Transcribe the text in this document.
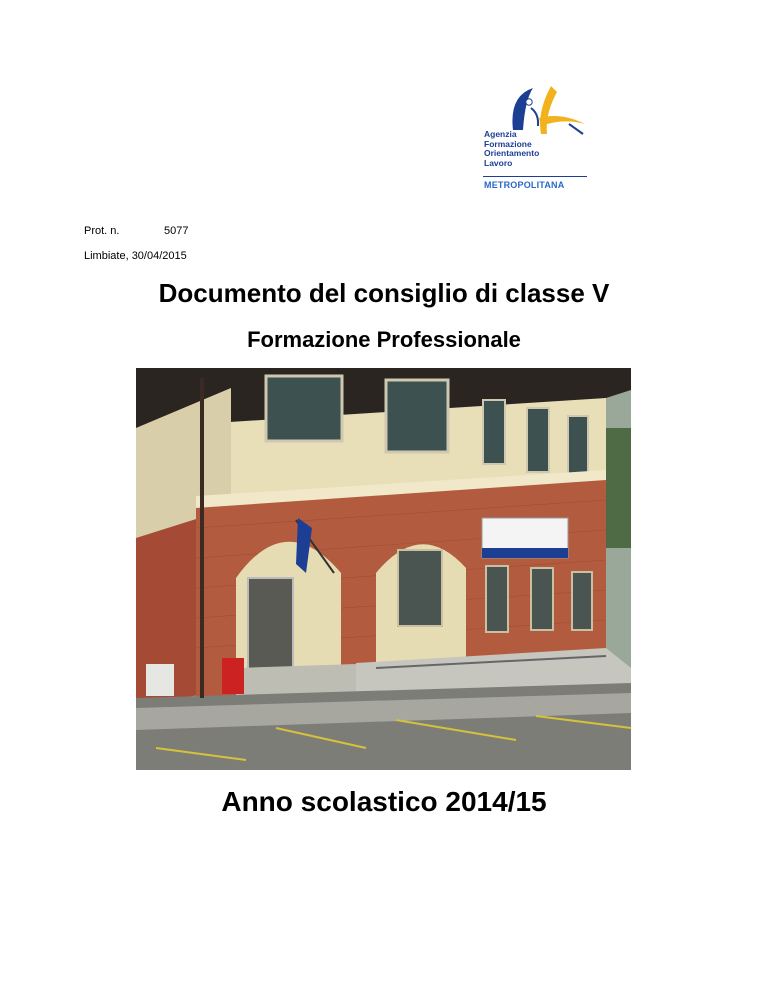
Agenzia
Formazione
Orientamento
Lavoro
METROPOLITANA
Prot. n.	5077
Limbiate, 30/04/2015
Documento del consiglio di classe V
Formazione Professionale
Anno scolastico 2014/15
